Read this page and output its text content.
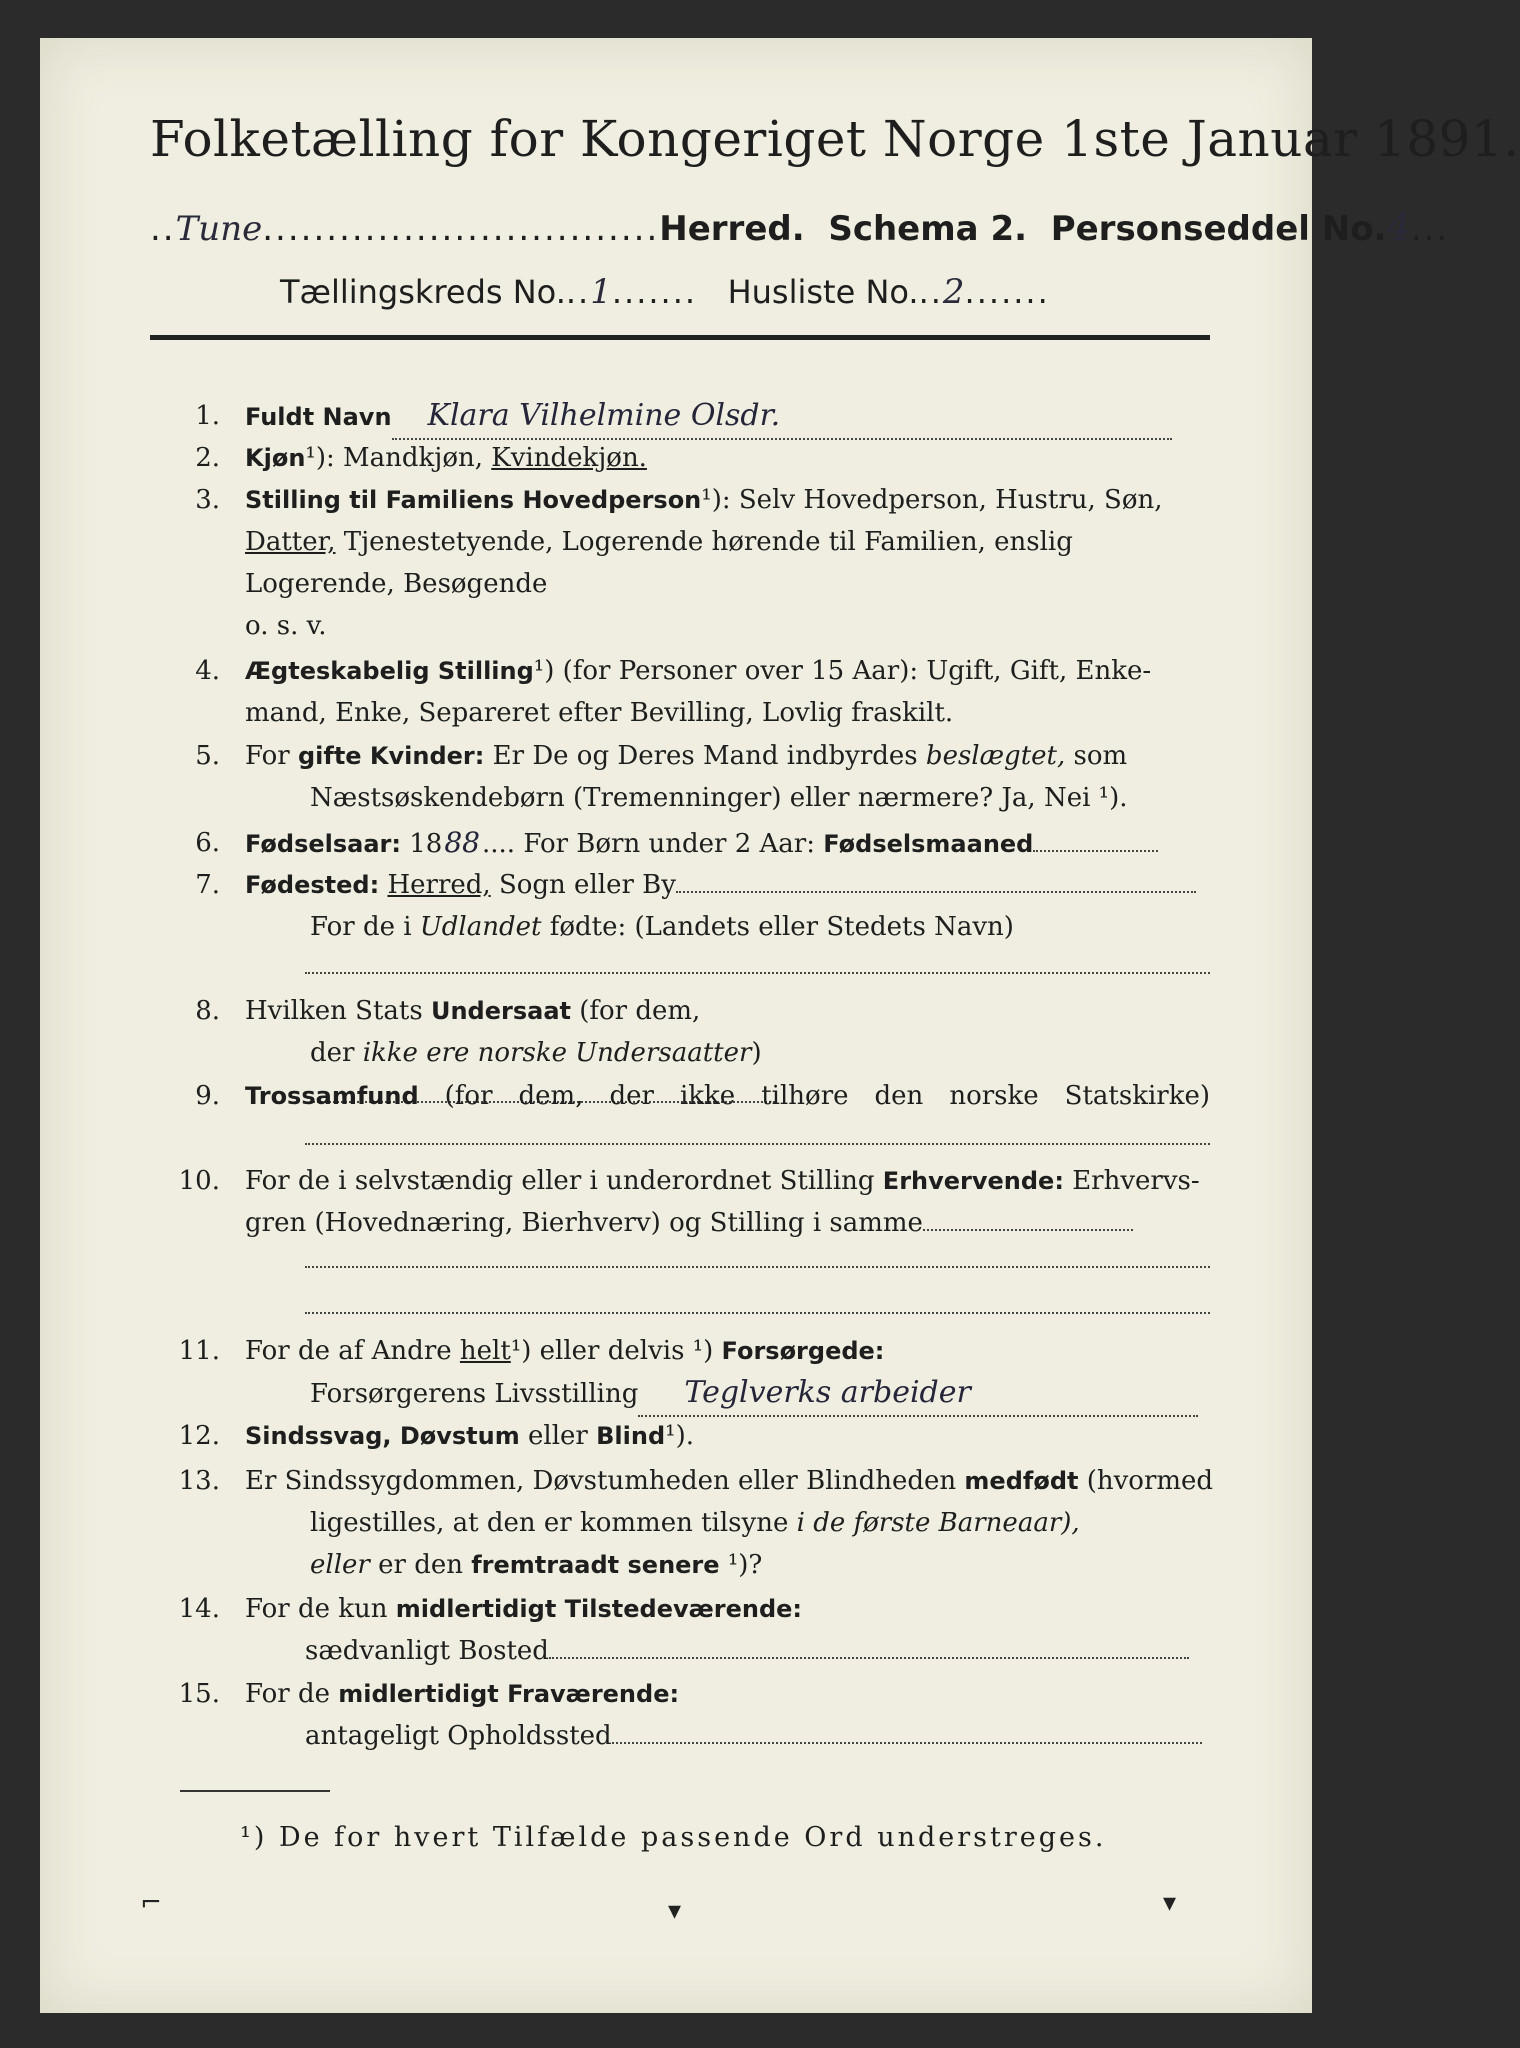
Folketælling for Kongeriget Norge 1ste Januar 1891.
..Tune...............................Herred. Schema 2. Personseddel No.4...
Tællingskreds No...1....... Husliste No...2.......
1. Fuldt Navn Klara Vilhelmine Olsdr.
2. Kjøn¹): Mandkjøn, Kvindekjøn.
3. Stilling til Familiens Hovedperson¹): Selv Hovedperson, Hustru, Søn,
Datter, Tjenestetyende, Logerende hørende til Familien, enslig
Logerende, Besøgende
o. s. v.
4. Ægteskabelig Stilling¹) (for Personer over 15 Aar): Ugift, Gift, Enke-
mand, Enke, Separeret efter Bevilling, Lovlig fraskilt.
5. For gifte Kvinder: Er De og Deres Mand indbyrdes beslægtet, som
Næstsøskendebørn (Tremenninger) eller nærmere? Ja, Nei ¹).
6. Fødselsaar: 1888.... For Børn under 2 Aar: Fødselsmaaned
7. Fødested: Herred, Sogn eller By
For de i Udlandet fødte: (Landets eller Stedets Navn)
8. Hvilken Stats Undersaat (for dem,
der ikke ere norske Undersaatter)
9. Trossamfund (for dem, der ikke tilhøre den norske Statskirke)
10. For de i selvstændig eller i underordnet Stilling Erhvervende: Erhvervs-
gren (Hovednæring, Bierhverv) og Stilling i samme
11. For de af Andre helt¹) eller delvis ¹) Forsørgede:
Forsørgerens Livsstilling Teglverks arbeider
12. Sindssvag, Døvstum eller Blind¹).
13. Er Sindssygdommen, Døvstumheden eller Blindheden medfødt (hvormed
ligestilles, at den er kommen tilsyne i de første Barneaar),
eller er den fremtraadt senere ¹)?
14. For de kun midlertidigt Tilstedeværende:
sædvanligt Bosted
15. For de midlertidigt Fraværende:
antageligt Opholdssted
¹) De for hvert Tilfælde passende Ord understreges.
⌐	▾	▾
